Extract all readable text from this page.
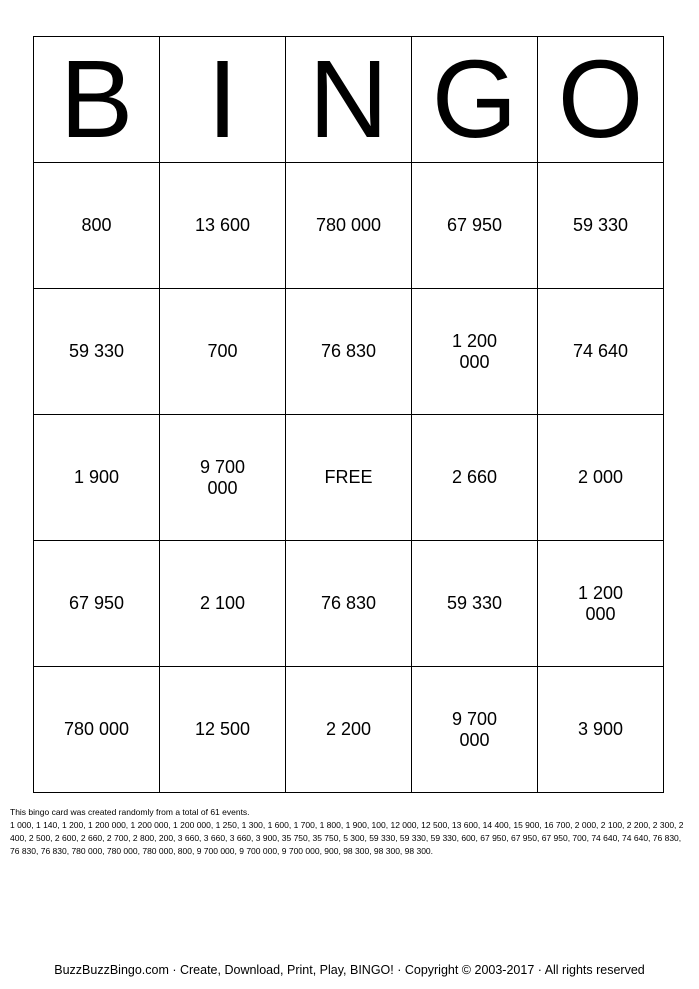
B	I	N	G	O
800	13 600	780 000	67 950	59 330
59 330	700	76 830	1 200 000	74 640
1 900	9 700 000	FREE	2 660	2 000
67 950	2 100	76 830	59 330	1 200 000
780 000	12 500	2 200	9 700 000	3 900
This bingo card was created randomly from a total of 61 events.
1 000, 1 140, 1 200, 1 200 000, 1 200 000, 1 200 000, 1 250, 1 300, 1 600, 1 700, 1 800, 1 900, 100, 12 000, 12 500, 13 600, 14 400, 15 900, 16 700, 2 000, 2 100, 2 200, 2 300, 2 400, 2 500, 2 600, 2 660, 2 700, 2 800, 200, 3 660, 3 660, 3 660, 3 900, 35 750, 35 750, 5 300, 59 330, 59 330, 59 330, 600, 67 950, 67 950, 67 950, 700, 74 640, 74 640, 76 830, 76 830, 76 830, 780 000, 780 000, 780 000, 800, 9 700 000, 9 700 000, 9 700 000, 900, 98 300, 98 300, 98 300.
BuzzBuzzBingo.com · Create, Download, Print, Play, BINGO! · Copyright © 2003-2017 · All rights reserved
